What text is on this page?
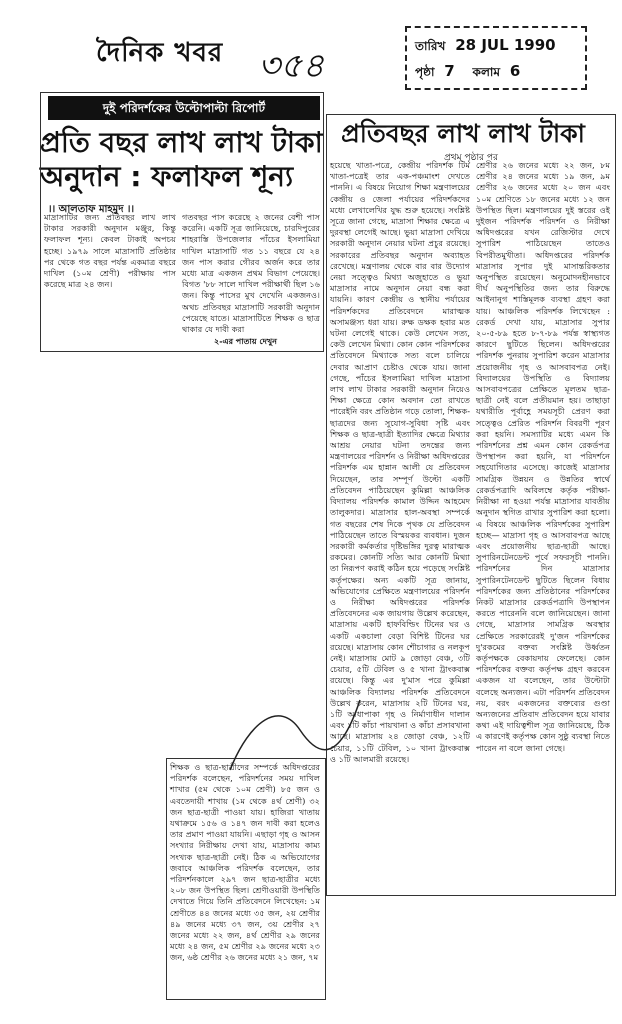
দৈনিক খবর ৩৫৪	তারিখ 28 JUL 1990
পৃষ্ঠা 7 কলাম 6
দুই পরিদর্শকের উল্টোপাল্টা রিপোর্ট
প্রতি বছর লাখ লাখ টাকা অনুদান : ফলাফল শূন্য
।। আলতাফ মাহমুদ ।।
মাদ্রাসাটির জন্য প্রতিবছর লাখ লাখ টাকার সরকারী অনুদান মঞ্জুর, কিন্তু ফলাফল শূন্য। কেবল টাকাই অপচয় হচ্ছে। ১৯৭৯ সালে মাদ্রাসাটি প্রতিষ্ঠার পর থেকে গত বছর পর্যন্ত একমাত্র বছরে দাখিল (১০ম শ্রেণী) পরীক্ষায় পাস করেছে মাত্র ২৪ জন।
গতবছর পাস করেছে ২ জনের বেশী পাস করেনি। একটি সূত্র জানিয়েছে, চারদিপুরের শাহরাস্তি উপজেলার পাঁচের ইসলামিয়া দাখিল মাদ্রাসাটি গত ১১ বছরে যে ২৪ জন পাস করার গৌরব অর্জন করে তার মধ্যে মাত্র একজন প্রথম বিভাগ পেয়েছে। বিগত '৮৮ সালে দাখিল পরীক্ষার্থী ছিল ১৬ জন। কিন্তু পাসের মুখ দেখেনি একজনও। অথচ প্রতিবছর মাদ্রাসাটি সরকারী অনুদান পেয়েছে যাতে। মাদ্রাসাটিতে শিক্ষক ও ছাত্র থাকার যে দাবী করা
২-এর পাতায় দেখুন
প্রতিবছর লাখ লাখ টাকা
প্রথম পৃষ্ঠার পর
হয়েছে খাতা-পত্রে, কেন্দ্রীয় পরিদর্শক টিম খাতা-পত্রেই তার এক-পঞ্চমাংশ দেখতে পাননি। এ বিষয়ে নিয়োগ শিক্ষা মন্ত্রণালয়ের কেন্দ্রীয় ও জেলা পর্যায়ের পরিদর্শকদের মধ্যে লেখালেখির যুদ্ধ শুরু হয়েছে। সংশ্লিষ্ট সূত্রে জানা গেছে, মাদ্রাসা শিক্ষার ক্ষেত্রে এ দুরবস্থা লেগেই আছে। ভুয়া মাদ্রাসা দেখিয়ে সরকারী অনুদান নেয়ার ঘটনা প্রচুর রয়েছে। সরকারের প্রতিবছর অনুদান অব্যাহত রেখেছে। মন্ত্রণালয় থেকে বার বার উদ্যোগ নেয়া সত্ত্বেও মিথ্যা অজুহাতে ও ভুয়া মাদ্রাসার নামে অনুদান নেয়া বন্ধ করা যায়নি। কারণ কেন্দ্রীয় ও স্থানীয় পর্যায়ের পরিদর্শকদের প্রতিবেদনে মারাত্মক অসামঞ্জস্য ধরা যায়। রুক্ষ ডক্ষক হবার মত ঘটনা লেগেই থাকে। কেউ লেখেন সত্য, কেউ লেখেন মিথ্যা। কোন কোন পরিদর্শকের প্রতিবেদনে মিথ্যাকে সত্য বলে চালিয়ে দেবার আপ্রাণ চেষ্টাও থেকে যায়। জানা গেছে, পাঁচের ইসলামিয়া দাখিল মাদ্রাসা লাখ লাখ টাকার সরকারী অনুদান নিয়েও শিক্ষা ক্ষেত্রে কোন অবদান তো রাখতে পারেইনি বরং প্রতিষ্ঠান গড়ে তোলা, শিক্ষক-ছাত্রদের জন্য সুযোগ-সুবিধা সৃষ্টি এবং শিক্ষক ও ছাত্র-ছাত্রী ইত্যাদির ক্ষেত্রে মিথ্যার আশ্রয় নেয়ার ঘটনা তদন্তের জন্য মন্ত্রণালয়ের পরিদর্শন ও নিরীক্ষা অধিদপ্তরের পরিদর্শক এম হান্নান আলী যে প্রতিবেদন দিয়েছেন, তার সম্পূর্ণ উল্টো একটি প্রতিবেদন পাঠিয়েছেন কুমিল্লা আঞ্চলিক বিদ্যালয় পরিদর্শক কামাল উদ্দিন আহমেদ তালুকদার। মাদ্রাসার হাল-অবস্থা সম্পর্কে গত বছরের শেষ দিকে পৃথক যে প্রতিবেদন পাঠিয়েছেন তাতে বিস্ময়কর ব্যবধান। দুজন সরকারী কর্মকর্তার দৃষ্টিভঙ্গির দুরত্ব মারাত্মক রকমের। কোনটি সত্যি আর কোনটি মিথ্যা তা নিরূপণ করাই কঠিন হয়ে পড়েছে সংশ্লিষ্ট কর্তৃপক্ষের। অন্য একটি সূত্র জানায়, অভিযোগের প্রেক্ষিতে মন্ত্রণালয়ের পরিদর্শন ও নিরীক্ষা অধিদপ্তরের পরিদর্শক প্রতিবেদনের এক জায়গায় উল্লেখ করেছেন, মাদ্রাসায় একটি হাফবিল্ডিং টিনের ঘর ও একটি একচালা বেড়া বিশিষ্ট টিনের ঘর রয়েছে। মাদ্রাসায় কোন শৌচাগার ও নলকূপ নেই। মাদ্রাসায় মোট ৯ জোড়া বেঞ্চ, ৩টি চেয়ার, ৫টি টেবিল ও ৫ খানা ট্রাংকবাক্স রয়েছে। কিন্তু এর দু'মাস পরে কুমিল্লা আঞ্চলিক বিদ্যালয় পরিদর্শক প্রতিবেদনে উল্লেখ করেন, মাদ্রাসায় ২টি টিনের ঘর, ১টি আধাপাকা গৃহ ও নির্মাণাধীন দালান এবং ১টি কাঁচা পায়খানা ও কাঁচা প্রসাবখানা আছে। মাদ্রাসায় ২৪ জোড়া বেঞ্চ, ১২টি চেয়ার, ১১টি টেবিল, ১০ খানা ট্রাংকবাক্স ও ১টি আলমারী রয়েছে।
শ্রেণীর ২৬ জনের মধ্যে ২২ জন, ৮ম শ্রেণীর ২৪ জনের মধ্যে ১৯ জন, ৯ম শ্রেণীর ২৬ জনের মধ্যে ২০ জন এবং ১০ম শ্রেণিতে ১৮ জনের মধ্যে ১২ জন উপস্থিত ছিল। মন্ত্রণালয়ের দুই স্তরের ওই দুইজন পরিদর্শক পরিদর্শন ও নিরীক্ষা অধিদপ্তরের যখন রেজিস্টার দেখে সুপারিশ পাঠিয়েছেন তাতেও বিপরীতমুখীতা। অধিদপ্তরের পরিদর্শক মাদ্রাসার সুপার দুই মাসান্তরিকতার অনুপস্থিত রয়েছেন। অনুমোদনহীনভাবে দীর্ঘ অনুপস্থিতির জন্য তার বিরুদ্ধে আইনানুগ শাস্তিমূলক ব্যবস্থা গ্রহণ করা যায়। আঞ্চলিক পরিদর্শক লিখেছেন : রেকর্ড দেখা যায়, মাদ্রাসার সুপার ২০-৫-৮৯ হতে ৮-৭-৮৯ পর্যন্ত স্বাস্থ্যগত কারণে ছুটিতে ছিলেন। অধিদপ্তরের পরিদর্শক পুনরায় সুপারিশ করেন মাদ্রাসার প্রয়োজনীয় গৃহ ও আসবাবপত্র নেই। বিদ্যালয়ের উপস্থিতি ও বিদ্যালয় আসবাবপত্রের প্রেক্ষিতে মূলতম ছাত্র-ছাত্রী নেই বলে প্রতীয়মান হয়। তাছাড়া যথারীতি পূর্বাহ্ণে সময়সূচী প্রেরণ করা সত্ত্বেও প্রেরিত পরিদর্শন বিবরণী পূরণ করা হয়নি। সমস্যাটির মধ্যে এমন কি পরিদর্শনের প্রশ্ন এমন কোন রেকর্ডপত্র উপস্থাপন করা হয়নি, যা পরিদর্শনে সহযোগিতার এসেছে। কাজেই মাদ্রাসার সামগ্রিক উন্নয়ন ও উন্নতির স্বার্থে রেকর্ডপত্রাদি অবিলম্বে কর্তৃক পরীক্ষা-নিরীক্ষা না হওয়া পর্যন্ত মাদ্রাসার যাবতীয় অনুদান স্থগিত রাখার সুপারিশ করা হলো। এ বিষয়ে আঞ্চলিক পরিদর্শকের সুপারিশ হচ্ছে— মাদ্রাসা গৃহ ও আসবাবপত্র আছে এবং প্রয়োজনীয় ছাত্র-ছাত্রী আছে। সুপারিনটেনডেন্ট পূর্বে সফরসূচী পাননি। পরিদর্শনের দিন মাদ্রাসার সুপারিনটেনডেন্ট ছুটিতে ছিলেন বিধায় পরিদর্শকের জন্য প্রতিষ্ঠানের পরিদর্শকের নিকট মাদ্রাসার রেকর্ডপত্রাদি উপস্থাপন করতে পারেননি বলে জানিয়েছেন। জানা গেছে, মাদ্রাসার সামগ্রিক অবস্থার প্রেক্ষিতে সরকারেরই দু'জন পরিদর্শকের দু'রকমের বক্তব্য সংশ্লিষ্ট উর্ধ্বতন কর্তৃপক্ষকে বেকায়দায় ফেলেছে। কোন পরিদর্শকের বক্তব্য কর্তৃপক্ষ গ্রহণ করবেন একজন যা বলেছেন, তার উল্টোটা বলেছে অন্যজন। এটা পরিদর্শন প্রতিবেদন নয়, বরং একজনের বক্তব্যের গুণ্ডা অন্যজনের প্রতিবাদ প্রতিবেদন হয়ে যাবার কথা এই দায়িত্বশীল সূত্র জানিয়েছে, ঠিক এ কারণেই কর্তৃপক্ষ কোন সুষ্ঠু ব্যবস্থা নিতে পারেন না বলে জানা গেছে।
শিক্ষক ও ছাত্র-ছাত্রীদের সম্পর্কে অধিদপ্তরের পরিদর্শক বলেছেন, পরিদর্শনের সময় দাখিল শাখার (৫ম থেকে ১০ম শ্রেণী) ৮৫ জন ও এবতেদায়ী শাখায় (১ম থেকে ৪র্থ শ্রেণী) ৩২ জন ছাত্র-ছাত্রী পাওয়া যায়। হাজিরা খাতায় যথাক্রমে ১৫৬ ও ১৪৭ জন দাবী করা হলেও তার প্রমাণ পাওয়া যায়নি। এছাড়া গৃহ ও আসন সংখ্যার নিরীক্ষায় দেখা যায়, মাদ্রাসায় কাম্য সংখ্যক ছাত্র-ছাত্রী নেই। ঠিক এ অভিযোগের জবাবে আঞ্চলিক পরিদর্শক বলেছেন, তার পরিদর্শনকালে ২৯৭ জন ছাত্র-ছাত্রীর মধ্যে ২০৮ জন উপস্থিত ছিল। শ্রেণীওয়ারী উপস্থিতি দেখাতে গিয়ে তিনি প্রতিবেদনে লিখেছেন: ১ম শ্রেণীতে ৪৪ জনের মধ্যে ৩৫ জন, ২য় শ্রেণীর ৪৯ জনের মধ্যে ৩৭ জন, ৩য় শ্রেণীর ২৭ জনের মধ্যে ২২ জন, ৪র্থ শ্রেণীর ২৯ জনের মধ্যে ২৪ জন, ৫ম শ্রেণীর ২৯ জনের মধ্যে ২৩ জন, ৬ষ্ঠ শ্রেণীর ২৬ জনের মধ্যে ২১ জন, ৭ম
